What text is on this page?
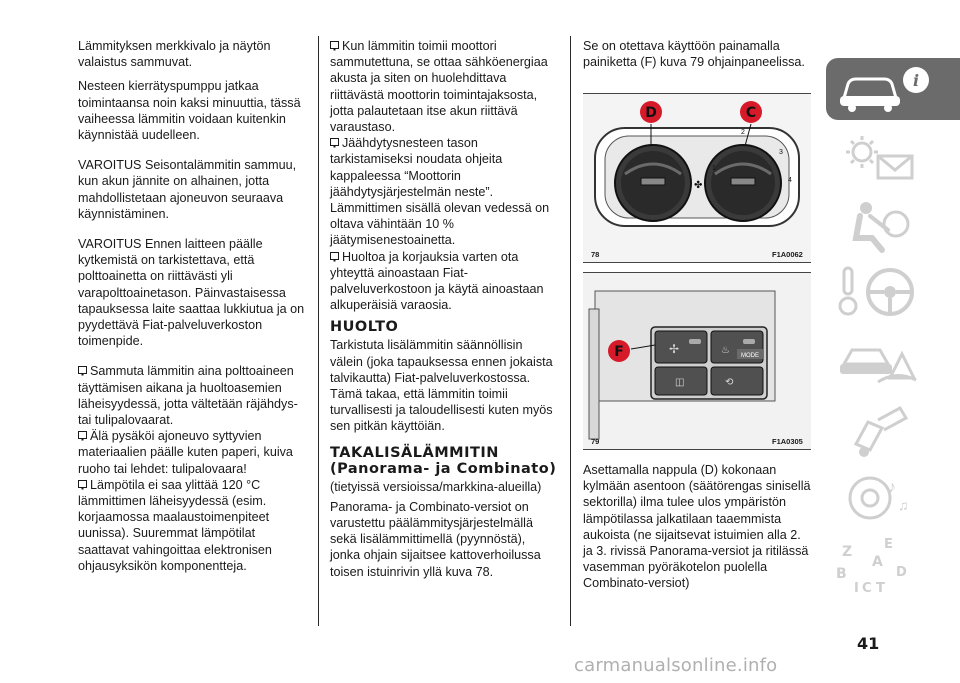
Lämmityksen merkkivalo ja näytön valaistus sammuvat.

Nesteen kierrätyspumppu jatkaa toimintaansa noin kaksi minuuttia, tässä vaiheessa lämmitin voidaan kuitenkin käynnistää uudelleen.

VAROITUS Seisontalämmitin sammuu, kun akun jännite on alhainen, jotta mahdollistetaan ajoneuvon seuraava käynnistäminen.

VAROITUS Ennen laitteen päälle kytkemistä on tarkistettava, että polttoainetta on riittävästi yli varapolttoainetason. Päinvastaisessa tapauksessa laite saattaa lukkiutua ja on pyydettävä Fiat-palveluverkoston toimenpide.

Sammuta lämmitin aina polttoaineen täyttämisen aikana ja huoltoasemien läheisyydessä, jotta vältetään räjähdys-tai tulipalovaarat.

Älä pysäköi ajoneuvo syttyvien materiaalien päälle kuten paperi, kuiva ruoho tai lehdet: tulipalovaara!

Lämpötila ei saa ylittää 120 °C lämmittimen läheisyydessä (esim. korjaamossa maalaustoimenpiteet uunissa). Suuremmat lämpötilat saattavat vahingoittaa elektronisen ohjausyksikön komponentteja.

Kun lämmitin toimii moottori sammutettuna, se ottaa sähköenergiaa akusta ja siten on huolehdittava riittävästä moottorin toimintajaksosta, jotta palautetaan itse akun riittävä varaustaso.

Jäähdytysnesteen tason tarkistamiseksi noudata ohjeita kappaleessa “Moottorin jäähdytysjärjestelmän neste”. Lämmittimen sisällä olevan vedessä on oltava vähintään 10 % jäätymisenestoainetta.

Huoltoa ja korjauksia varten ota yhteyttä ainoastaan Fiat-palveluverkostoon ja käytä ainoastaan alkuperäisiä varaosia.

HUOLTO

Tarkistuta lisälämmitin säännöllisin välein (joka tapauksessa ennen jokaista talvikautta) Fiat-palveluverkostossa. Tämä takaa, että lämmitin toimii turvallisesti ja taloudellisesti kuten myös sen pitkän käyttöiän.

TAKALISÄLÄMMITIN (Panorama- ja Combinato)

(tietyissä versioissa/markkina-alueilla)

Panorama- ja Combinato-versiot on varustettu päälämmitysjärjestelmällä sekä lisälämmittimellä (pyynnöstä), jonka ohjain sijaitsee kattoverhoilussa toisen istuinrivin yllä kuva 78.

Se on otettava käyttöön painamalla painiketta (F) kuva 79 ohjainpaneelissa.

1
2
3
4
✤
D	C
78	F1A0062
✢	♨ MODE
◫	⟲
F
79	F1A0305

Asettamalla nappula (D) kokonaan kylmään asentoon (säätörengas sinisellä sektorilla) ilma tulee ulos ympäristön lämpötilassa jalkatilaan taaemmista aukoista (ne sijaitsevat istuimien alla 2. ja 3. rivissä Panorama-versiot ja ritilässä vasemman pyöräkotelon puolella Combinato-versiot)

i
♪
♫
Z E
A
B	D
I C T
41
carmanualsonline.info
